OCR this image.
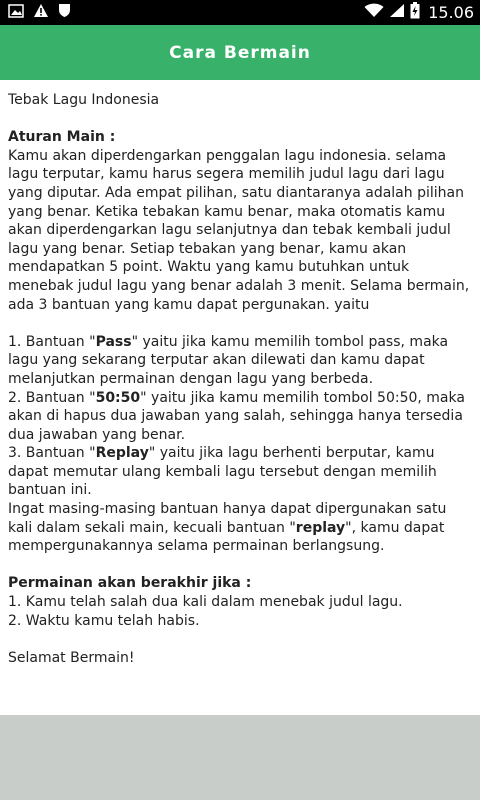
15.06
Cara Bermain

Tebak Lagu Indonesia

Aturan Main :

Kamu akan diperdengarkan penggalan lagu indonesia. selama lagu terputar, kamu harus segera memilih judul lagu dari lagu yang diputar. Ada empat pilihan, satu diantaranya adalah pilihan yang benar. Ketika tebakan kamu benar, maka otomatis kamu akan diperdengarkan lagu selanjutnya dan tebak kembali judul lagu yang benar. Setiap tebakan yang benar, kamu akan mendapatkan 5 point. Waktu yang kamu butuhkan untuk menebak judul lagu yang benar adalah 3 menit. Selama bermain, ada 3 bantuan yang kamu dapat pergunakan. yaitu

1. Bantuan "Pass" yaitu jika kamu memilih tombol pass, maka lagu yang sekarang terputar akan dilewati dan kamu dapat melanjutkan permainan dengan lagu yang berbeda.

2. Bantuan "50:50" yaitu jika kamu memilih tombol 50:50, maka akan di hapus dua jawaban yang salah, sehingga hanya tersedia dua jawaban yang benar.

3. Bantuan "Replay" yaitu jika lagu berhenti berputar, kamu dapat memutar ulang kembali lagu tersebut dengan memilih bantuan ini.

Ingat masing-masing bantuan hanya dapat dipergunakan satu kali dalam sekali main, kecuali bantuan "replay", kamu dapat mempergunakannya selama permainan berlangsung.

Permainan akan berakhir jika :

1. Kamu telah salah dua kali dalam menebak judul lagu.

2. Waktu kamu telah habis.

Selamat Bermain!
